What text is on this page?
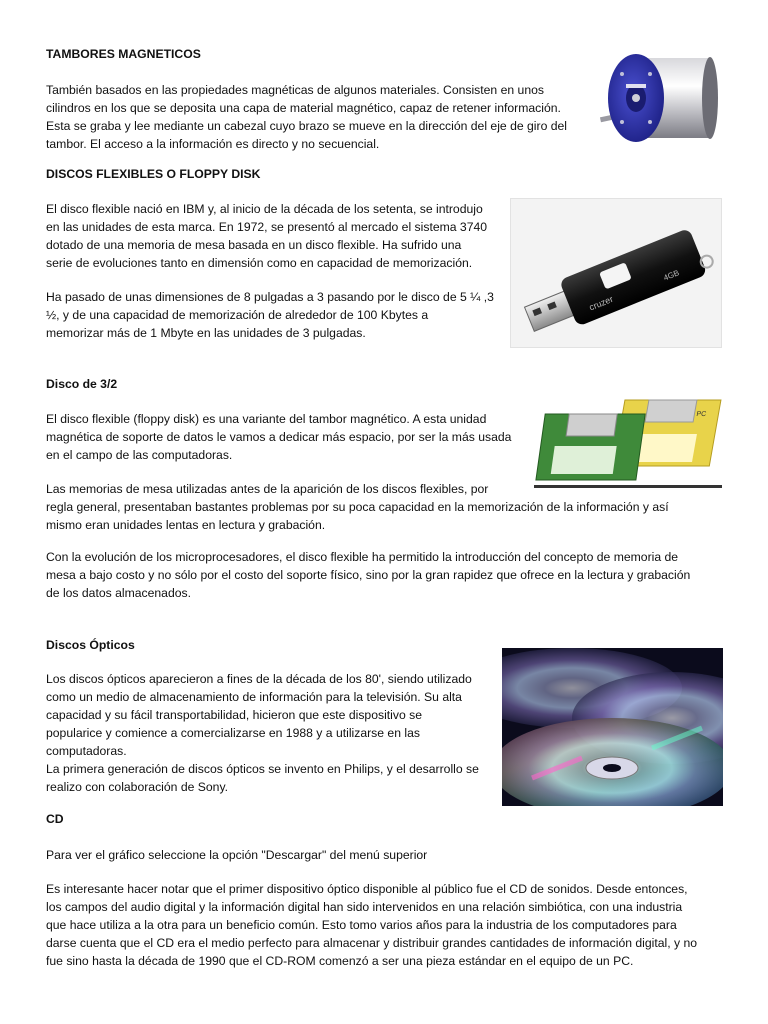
TAMBORES MAGNETICOS
También basados en las propiedades magnéticas de algunos materiales. Consisten en unos
cilindros en los que se deposita una capa de material magnético, capaz de retener información.
Esta se graba y lee mediante un cabezal cuyo brazo se mueve en la dirección del eje de giro del
tambor. El acceso a la información es directo y no secuencial.
DISCOS FLEXIBLES O FLOPPY DISK
El disco flexible nació en IBM y, al inicio de la década de los setenta, se introdujo
en las unidades de esta marca. En 1972, se presentó al mercado el sistema 3740
dotado de una memoria de mesa basada en un disco flexible. Ha sufrido una
serie de evoluciones tanto en dimensión como en capacidad de memorización.
Ha pasado de unas dimensiones de 8 pulgadas a 3 pasando por le disco de 5 ¼ ,3
½, y de una capacidad de memorización de alrededor de 100 Kbytes a
memorizar más de 1 Mbyte en las unidades de 3 pulgadas.
Disco de 3/2
El disco flexible (floppy disk) es una variante del tambor magnético. A esta unidad
magnética de soporte de datos le vamos a dedicar más espacio, por ser la más usada
en el campo de las computadoras.
Las memorias de mesa utilizadas antes de la aparición de los discos flexibles, por
regla general, presentaban bastantes problemas por su poca capacidad en la memorización de la información y así
mismo eran unidades lentas en lectura y grabación.
Con la evolución de los microprocesadores, el disco flexible ha permitido la introducción del concepto de memoria de
mesa a bajo costo y no sólo por el costo del soporte físico, sino por la gran rapidez que ofrece en la lectura y grabación
de los datos almacenados.
Discos Ópticos
Los discos ópticos aparecieron a fines de la década de los 80', siendo utilizado
como un medio de almacenamiento de información para la televisión. Su alta
capacidad y su fácil transportabilidad, hicieron que este dispositivo se
popularice y comience a comercializarse en 1988 y a utilizarse en las
computadoras.
La primera generación de discos ópticos se invento en Philips, y el desarrollo se
realizo con colaboración de Sony.
CD
Para ver el gráfico seleccione la opción "Descargar" del menú superior
Es interesante hacer notar que el primer dispositivo óptico disponible al público fue el CD de sonidos. Desde entonces,
los campos del audio digital y la información digital han sido intervenidos en una relación simbiótica, con una industria
que hace utiliza a la otra para un beneficio común. Esto tomo varios años para la industria de los computadores para
darse cuenta que el CD era el medio perfecto para almacenar y distribuir grandes cantidades de información digital, y no
fue sino hasta la década de 1990 que el CD-ROM comenzó a ser una pieza estándar en el equipo de un PC.
cruzer
4GB
PC
